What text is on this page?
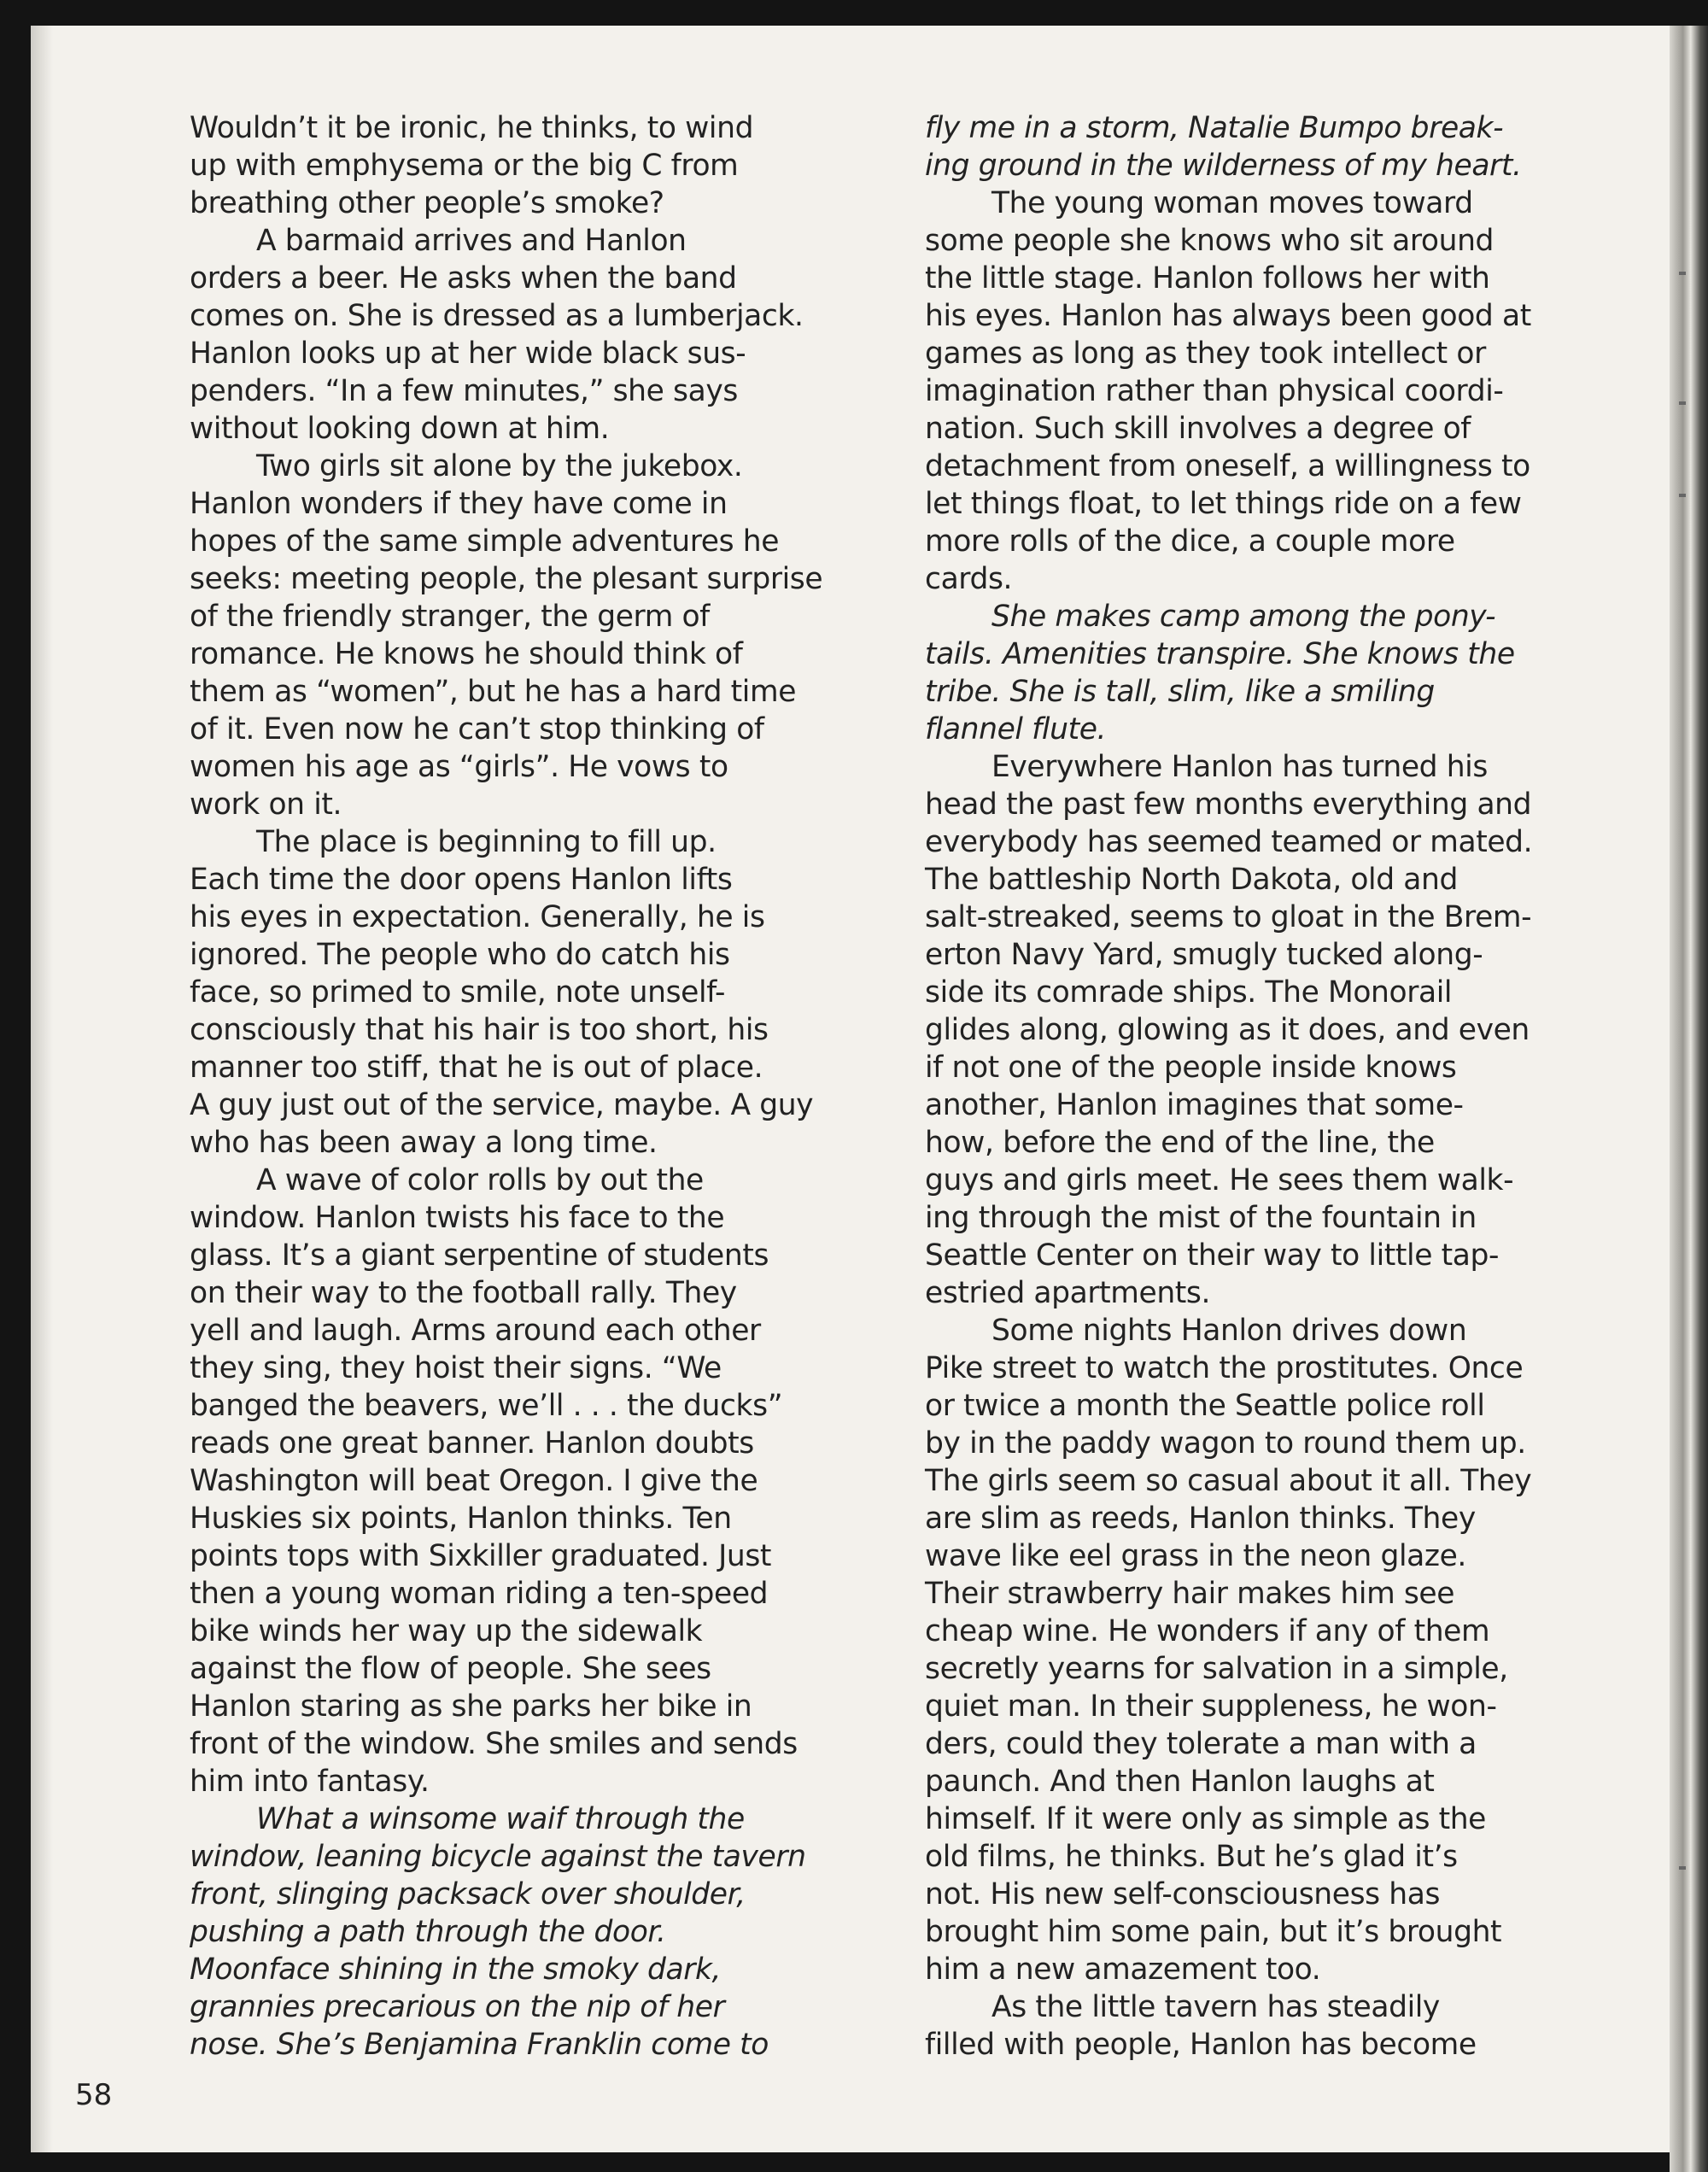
Wouldn’t it be ironic, he thinks, to wind
up with emphysema or the big C from
breathing other people’s smoke?
A barmaid arrives and Hanlon
orders a beer. He asks when the band
comes on. She is dressed as a lumberjack.
Hanlon looks up at her wide black sus-
penders. “In a few minutes,” she says
without looking down at him.
Two girls sit alone by the jukebox.
Hanlon wonders if they have come in
hopes of the same simple adventures he
seeks: meeting people, the plesant surprise
of the friendly stranger, the germ of
romance. He knows he should think of
them as “women”, but he has a hard time
of it. Even now he can’t stop thinking of
women his age as “girls”. He vows to
work on it.
The place is beginning to fill up.
Each time the door opens Hanlon lifts
his eyes in expectation. Generally, he is
ignored. The people who do catch his
face, so primed to smile, note unself-
consciously that his hair is too short, his
manner too stiff, that he is out of place.
A guy just out of the service, maybe. A guy
who has been away a long time.
A wave of color rolls by out the
window. Hanlon twists his face to the
glass. It’s a giant serpentine of students
on their way to the football rally. They
yell and laugh. Arms around each other
they sing, they hoist their signs. “We
banged the beavers, we’ll . . . the ducks”
reads one great banner. Hanlon doubts
Washington will beat Oregon. I give the
Huskies six points, Hanlon thinks. Ten
points tops with Sixkiller graduated. Just
then a young woman riding a ten-speed
bike winds her way up the sidewalk
against the flow of people. She sees
Hanlon staring as she parks her bike in
front of the window. She smiles and sends
him into fantasy.
What a winsome waif through the
window, leaning bicycle against the tavern
front, slinging packsack over shoulder,
pushing a path through the door.
Moonface shining in the smoky dark,
grannies precarious on the nip of her
nose. She’s Benjamina Franklin come to
fly me in a storm, Natalie Bumpo break-
ing ground in the wilderness of my heart.
The young woman moves toward
some people she knows who sit around
the little stage. Hanlon follows her with
his eyes. Hanlon has always been good at
games as long as they took intellect or
imagination rather than physical coordi-
nation. Such skill involves a degree of
detachment from oneself, a willingness to
let things float, to let things ride on a few
more rolls of the dice, a couple more
cards.
She makes camp among the pony-
tails. Amenities transpire. She knows the
tribe. She is tall, slim, like a smiling
flannel flute.
Everywhere Hanlon has turned his
head the past few months everything and
everybody has seemed teamed or mated.
The battleship North Dakota, old and
salt-streaked, seems to gloat in the Brem-
erton Navy Yard, smugly tucked along-
side its comrade ships. The Monorail
glides along, glowing as it does, and even
if not one of the people inside knows
another, Hanlon imagines that some-
how, before the end of the line, the
guys and girls meet. He sees them walk-
ing through the mist of the fountain in
Seattle Center on their way to little tap-
estried apartments.
Some nights Hanlon drives down
Pike street to watch the prostitutes. Once
or twice a month the Seattle police roll
by in the paddy wagon to round them up.
The girls seem so casual about it all. They
are slim as reeds, Hanlon thinks. They
wave like eel grass in the neon glaze.
Their strawberry hair makes him see
cheap wine. He wonders if any of them
secretly yearns for salvation in a simple,
quiet man. In their suppleness, he won-
ders, could they tolerate a man with a
paunch. And then Hanlon laughs at
himself. If it were only as simple as the
old films, he thinks. But he’s glad it’s
not. His new self-consciousness has
brought him some pain, but it’s brought
him a new amazement too.
As the little tavern has steadily
filled with people, Hanlon has become
58
